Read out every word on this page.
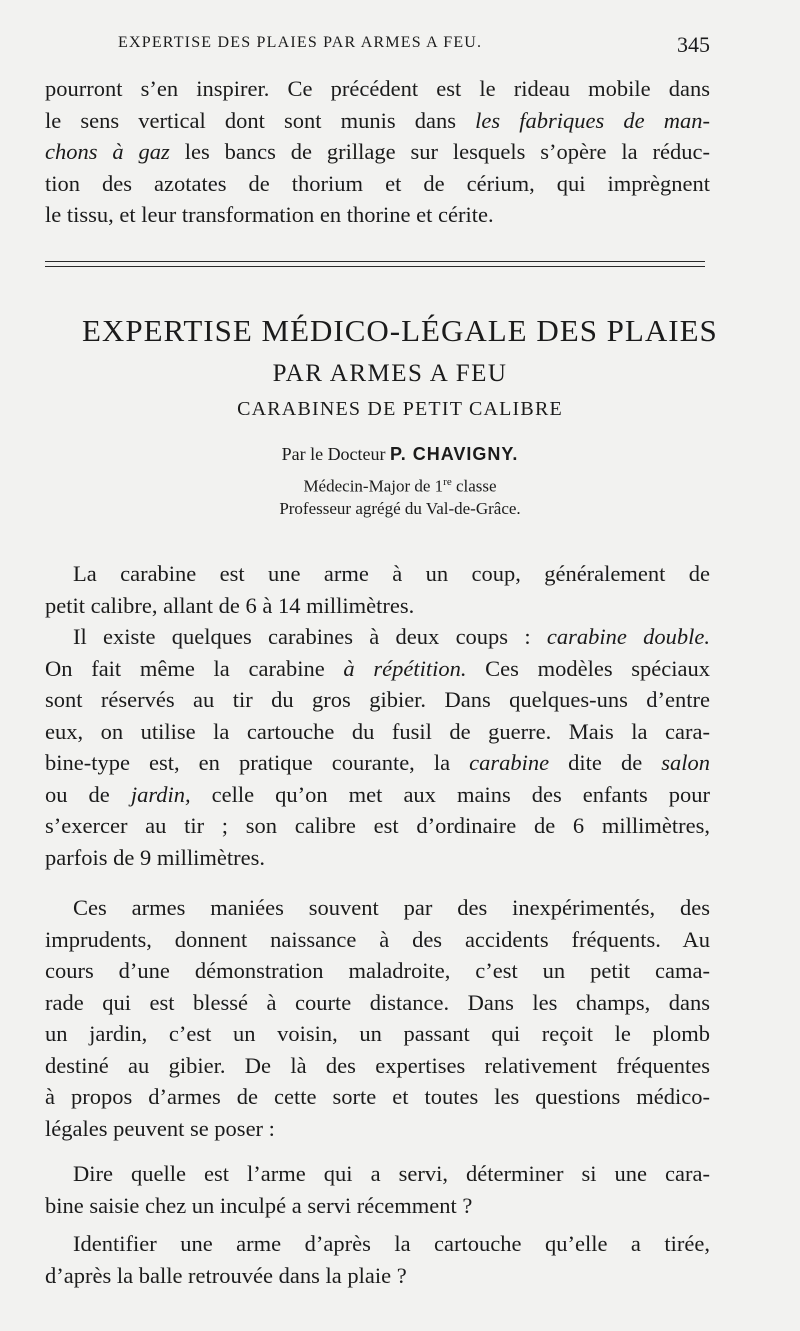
EXPERTISE DES PLAIES PAR ARMES A FEU.	345
pourront s’en inspirer. Ce précédent est le rideau mobile dans
le sens vertical dont sont munis dans les fabriques de man-
chons à gaz les bancs de grillage sur lesquels s’opère la réduc-
tion des azotates de thorium et de cérium, qui imprègnent
le tissu, et leur transformation en thorine et cérite.
EXPERTISE MÉDICO-LÉGALE DES PLAIES
PAR ARMES A FEU
CARABINES DE PETIT CALIBRE
Par le Docteur P. CHAVIGNY.
Médecin-Major de 1re classe
Professeur agrégé du Val-de-Grâce.
La carabine est une arme à un coup, généralement de
petit calibre, allant de 6 à 14 millimètres.
Il existe quelques carabines à deux coups : carabine double.
On fait même la carabine à répétition. Ces modèles spéciaux
sont réservés au tir du gros gibier. Dans quelques-uns d’entre
eux, on utilise la cartouche du fusil de guerre. Mais la cara-
bine-type est, en pratique courante, la carabine dite de salon
ou de jardin, celle qu’on met aux mains des enfants pour
s’exercer au tir ; son calibre est d’ordinaire de 6 millimètres,
parfois de 9 millimètres.
Ces armes maniées souvent par des inexpérimentés, des
imprudents, donnent naissance à des accidents fréquents. Au
cours d’une démonstration maladroite, c’est un petit cama-
rade qui est blessé à courte distance. Dans les champs, dans
un jardin, c’est un voisin, un passant qui reçoit le plomb
destiné au gibier. De là des expertises relativement fréquentes
à propos d’armes de cette sorte et toutes les questions médico-
légales peuvent se poser :
Dire quelle est l’arme qui a servi, déterminer si une cara-
bine saisie chez un inculpé a servi récemment ?
Identifier une arme d’après la cartouche qu’elle a tirée,
d’après la balle retrouvée dans la plaie ?
